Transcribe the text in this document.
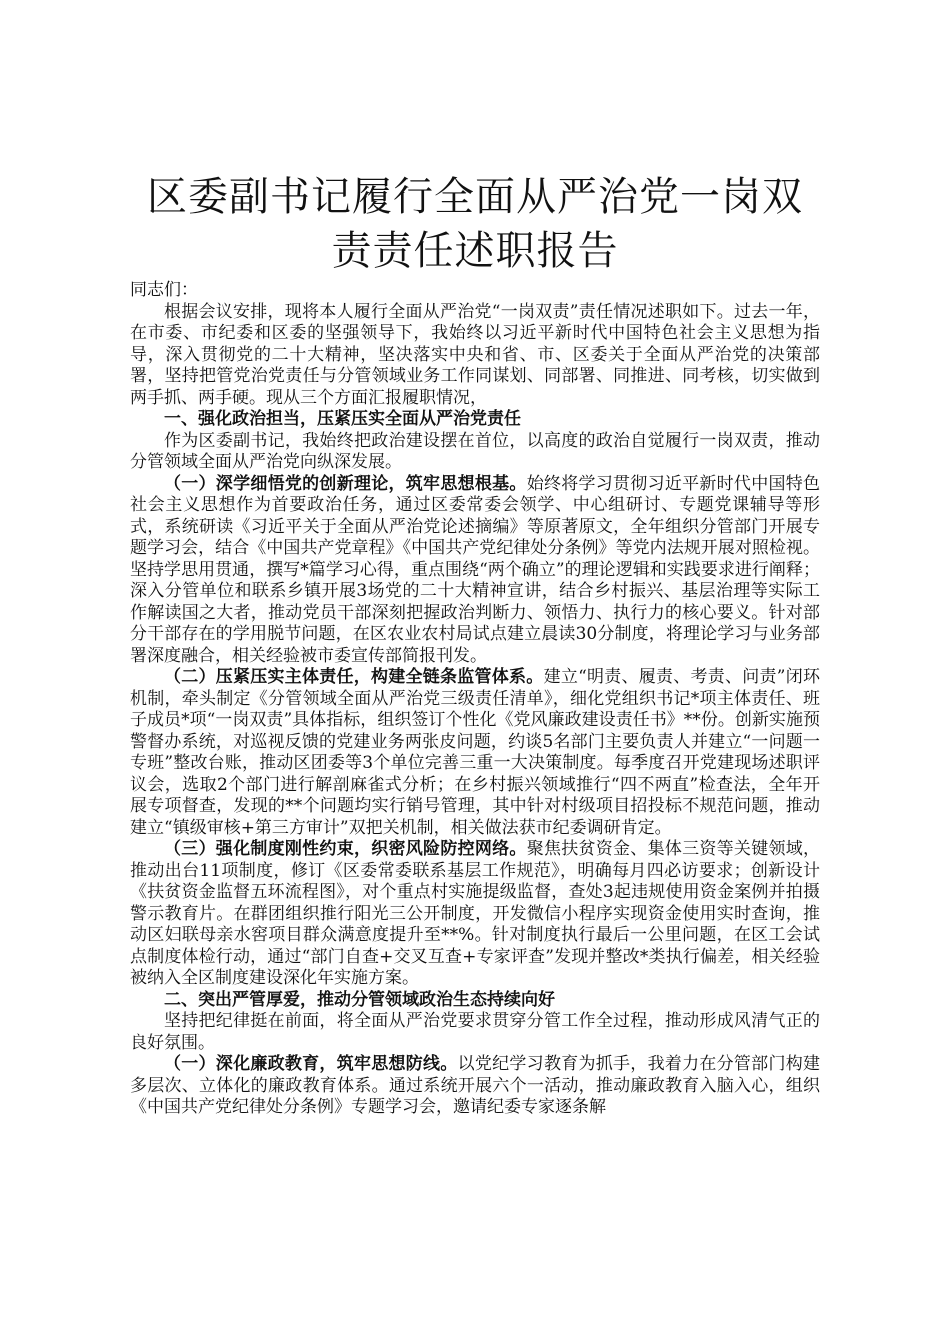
区委副书记履行全面从严治党一岗双责责任述职报告

同志们：

根据会议安排，现将本人履行全面从严治党“一岗双责”责任情况述职如下。过去一年，在市委、市纪委和区委的坚强领导下，我始终以习近平新时代中国特色社会主义思想为指导，深入贯彻党的二十大精神，坚决落实中央和省、市、区委关于全面从严治党的决策部署，坚持把管党治党责任与分管领域业务工作同谋划、同部署、同推进、同考核，切实做到两手抓、两手硬。现从三个方面汇报履职情况，

一、强化政治担当，压紧压实全面从严治党责任

作为区委副书记，我始终把政治建设摆在首位，以高度的政治自觉履行一岗双责，推动分管领域全面从严治党向纵深发展。

（一）深学细悟党的创新理论，筑牢思想根基。始终将学习贯彻习近平新时代中国特色社会主义思想作为首要政治任务，通过区委常委会领学、中心组研讨、专题党课辅导等形式，系统研读《习近平关于全面从严治党论述摘编》等原著原文，全年组织分管部门开展专题学习会，结合《中国共产党章程》《中国共产党纪律处分条例》等党内法规开展对照检视。坚持学思用贯通，撰写*篇学习心得，重点围绕“两个确立”的理论逻辑和实践要求进行阐释；深入分管单位和联系乡镇开展3场党的二十大精神宣讲，结合乡村振兴、基层治理等实际工作解读国之大者，推动党员干部深刻把握政治判断力、领悟力、执行力的核心要义。针对部分干部存在的学用脱节问题，在区农业农村局试点建立晨读30分制度，将理论学习与业务部署深度融合，相关经验被市委宣传部简报刊发。

（二）压紧压实主体责任，构建全链条监管体系。建立“明责、履责、考责、问责”闭环机制，牵头制定《分管领域全面从严治党三级责任清单》，细化党组织书记*项主体责任、班子成员*项“一岗双责”具体指标，组织签订个性化《党风廉政建设责任书》**份。创新实施预警督办系统，对巡视反馈的党建业务两张皮问题，约谈5名部门主要负责人并建立“一问题一专班”整改台账，推动区团委等3个单位完善三重一大决策制度。每季度召开党建现场述职评议会，选取2个部门进行解剖麻雀式分析；在乡村振兴领域推行“四不两直”检查法，全年开展专项督查，发现的**个问题均实行销号管理，其中针对村级项目招投标不规范问题，推动建立“镇级审核+第三方审计”双把关机制，相关做法获市纪委调研肯定。

（三）强化制度刚性约束，织密风险防控网络。聚焦扶贫资金、集体三资等关键领域，推动出台11项制度，修订《区委常委联系基层工作规范》，明确每月四必访要求；创新设计《扶贫资金监督五环流程图》，对个重点村实施提级监督，查处3起违规使用资金案例并拍摄警示教育片。在群团组织推行阳光三公开制度，开发微信小程序实现资金使用实时查询，推动区妇联母亲水窖项目群众满意度提升至**%。针对制度执行最后一公里问题，在区工会试点制度体检行动，通过“部门自查+交叉互查+专家评查”发现并整改*类执行偏差，相关经验被纳入全区制度建设深化年实施方案。

二、突出严管厚爱，推动分管领域政治生态持续向好

坚持把纪律挺在前面，将全面从严治党要求贯穿分管工作全过程，推动形成风清气正的良好氛围。

（一）深化廉政教育，筑牢思想防线。以党纪学习教育为抓手，我着力在分管部门构建多层次、立体化的廉政教育体系。通过系统开展六个一活动，推动廉政教育入脑入心，组织《中国共产党纪律处分条例》专题学习会，邀请纪委专家逐条解
